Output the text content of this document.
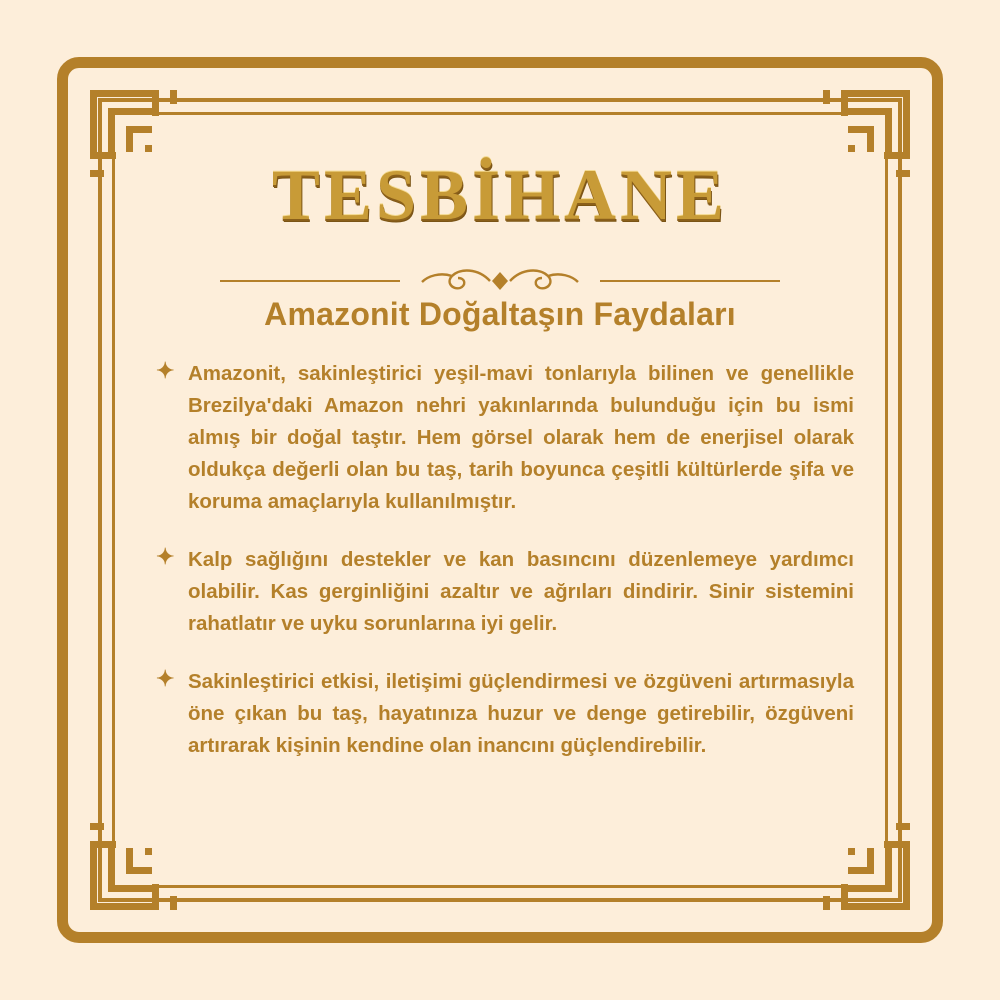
TESBİHANE
Amazonit Doğaltaşın Faydaları
✦ Amazonit, sakinleştirici yeşil-mavi tonlarıyla bilinen ve genellikle Brezilya'daki Amazon nehri yakınlarında bulunduğu için bu ismi almış bir doğal taştır. Hem görsel olarak hem de enerjisel olarak oldukça değerli olan bu taş, tarih boyunca çeşitli kültürlerde şifa ve koruma amaçlarıyla kullanılmıştır.
✦ Kalp sağlığını destekler ve kan basıncını düzenlemeye yardımcı olabilir. Kas gerginliğini azaltır ve ağrıları dindirir. Sinir sistemini rahatlatır ve uyku sorunlarına iyi gelir.
✦ Sakinleştirici etkisi, iletişimi güçlendirmesi ve özgüveni artırmasıyla öne çıkan bu taş, hayatınıza huzur ve denge getirebilir, özgüveni artırarak kişinin kendine olan inancını güçlendirebilir.
